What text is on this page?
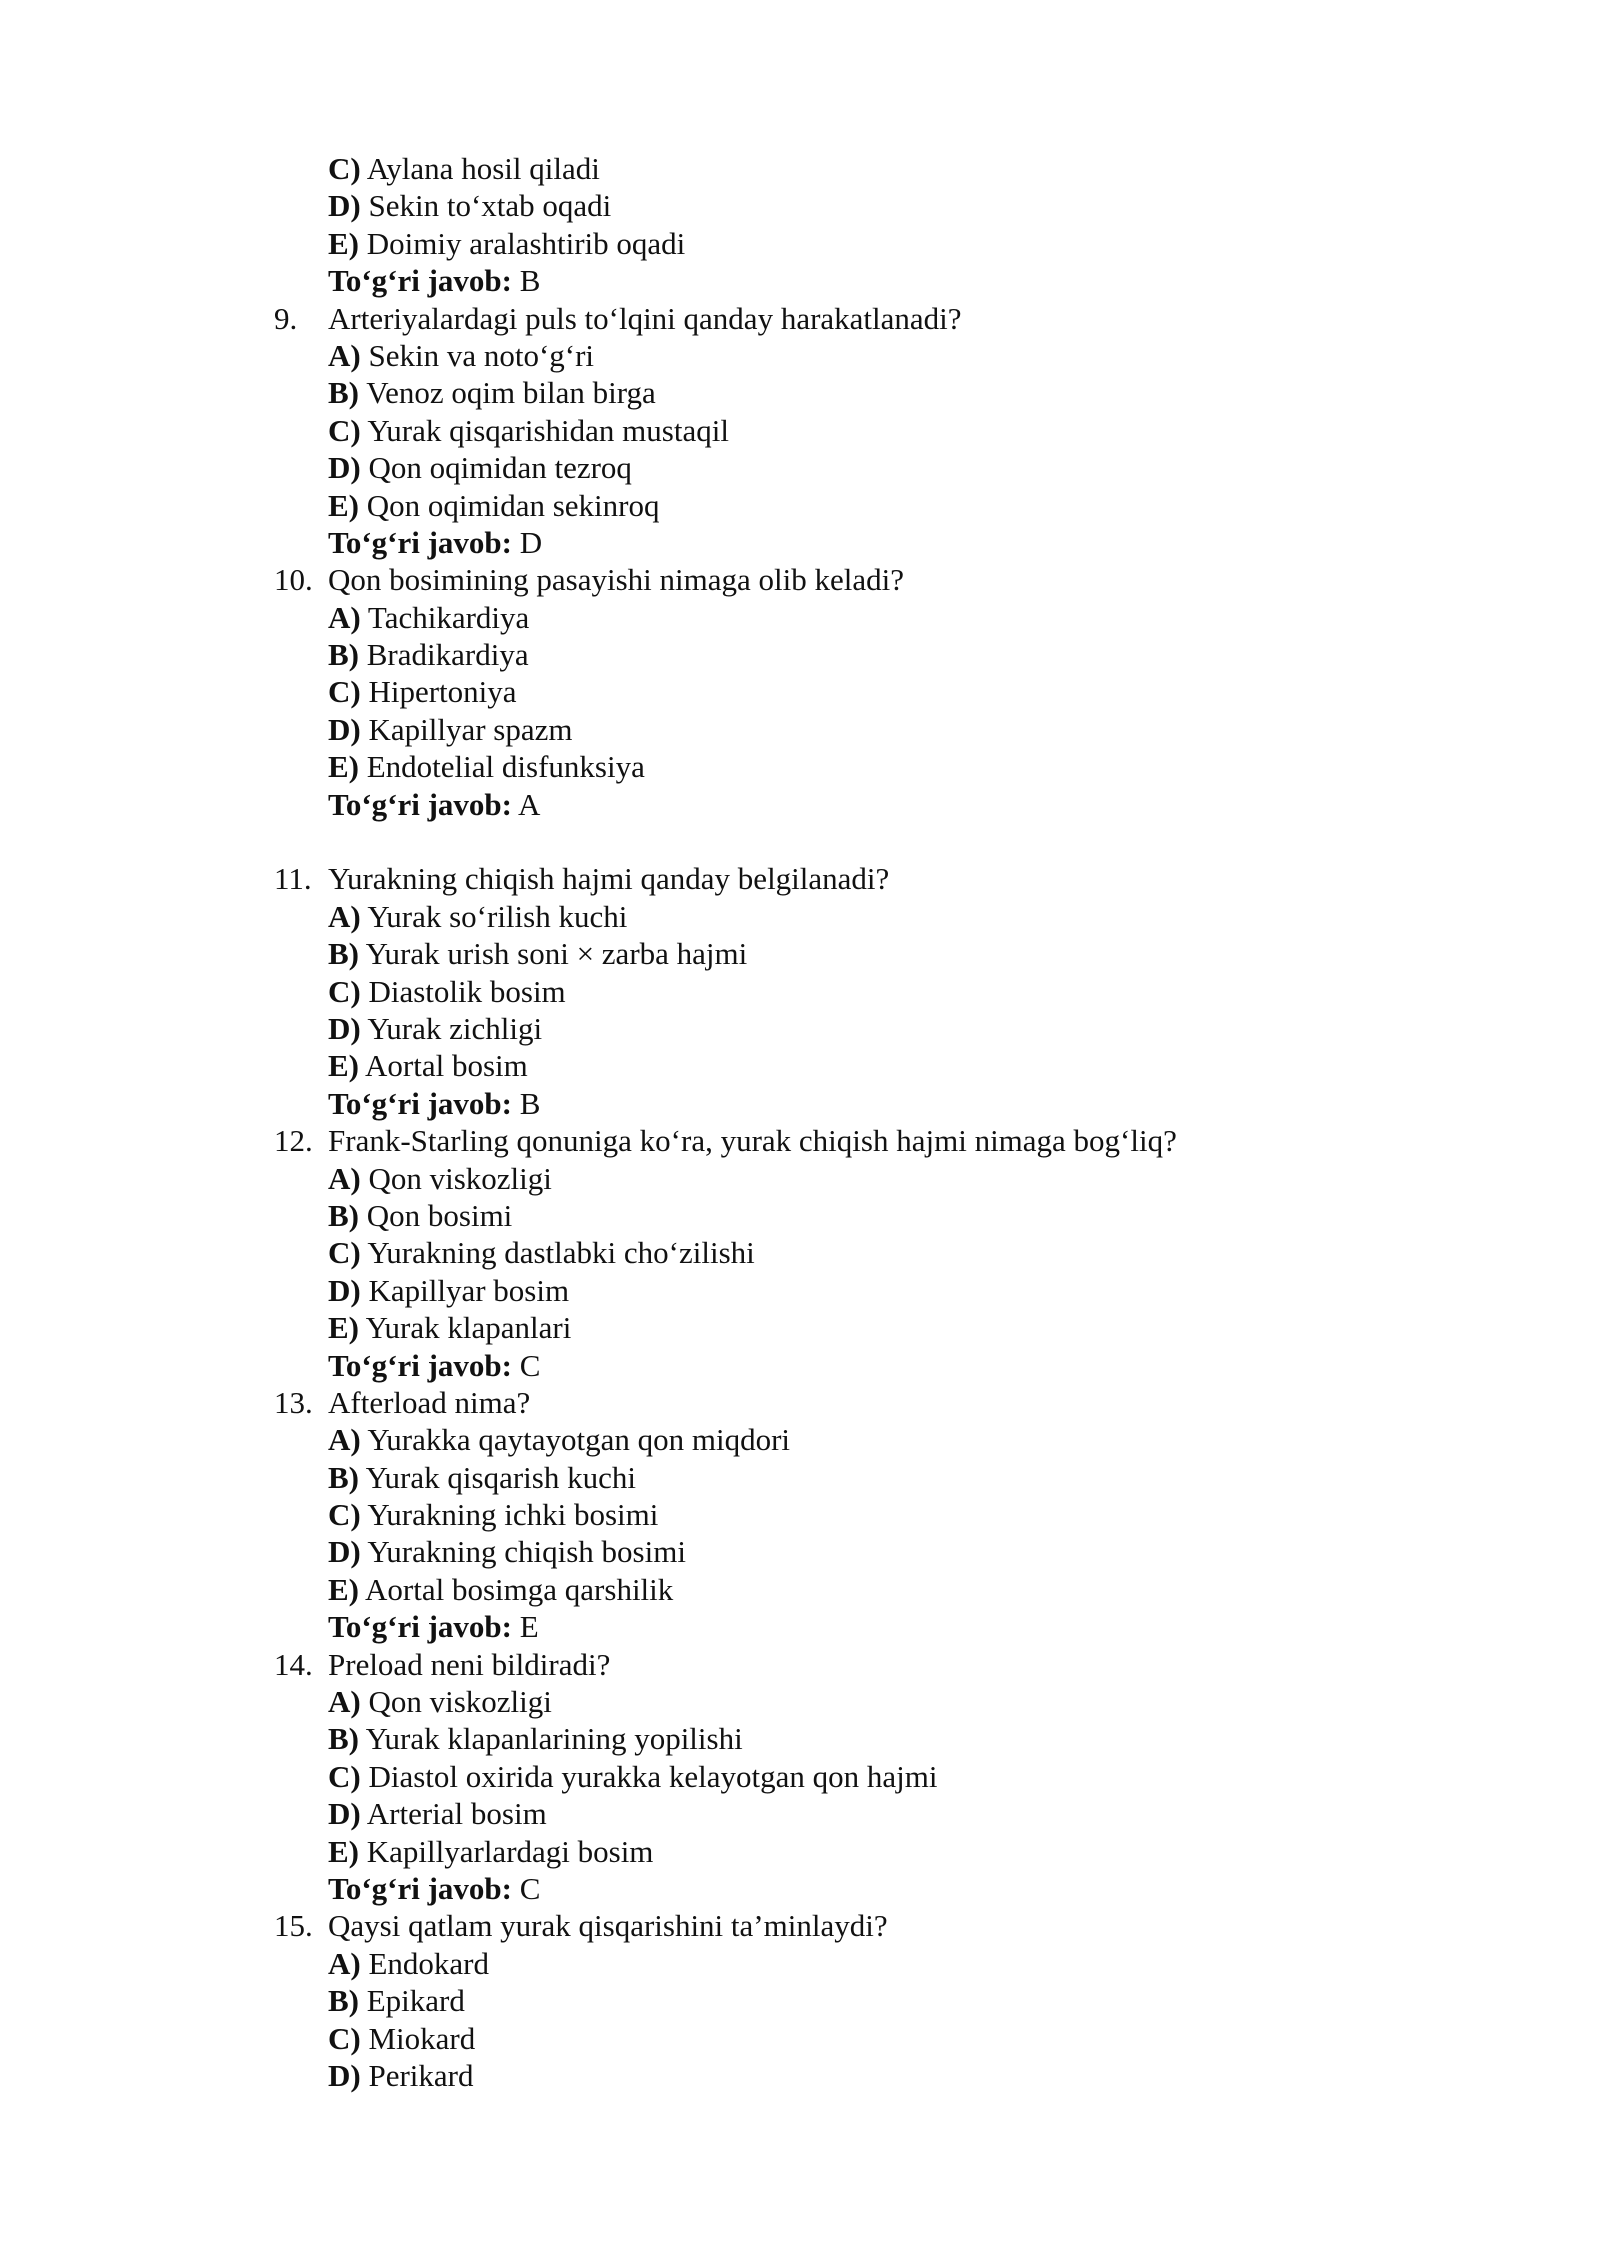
C) Aylana hosil qiladi
D) Sekin to‘xtab oqadi
E) Doimiy aralashtirib oqadi
To‘g‘ri javob: B
9. Arteriyalardagi puls to‘lqini qanday harakatlanadi?
A) Sekin va noto‘g‘ri
B) Venoz oqim bilan birga
C) Yurak qisqarishidan mustaqil
D) Qon oqimidan tezroq
E) Qon oqimidan sekinroq
To‘g‘ri javob: D
10. Qon bosimining pasayishi nimaga olib keladi?
A) Tachikardiya
B) Bradikardiya
C) Hipertoniya
D) Kapillyar spazm
E) Endotelial disfunksiya
To‘g‘ri javob: A
11. Yurakning chiqish hajmi qanday belgilanadi?
A) Yurak so‘rilish kuchi
B) Yurak urish soni × zarba hajmi
C) Diastolik bosim
D) Yurak zichligi
E) Aortal bosim
To‘g‘ri javob: B
12. Frank-Starling qonuniga ko‘ra, yurak chiqish hajmi nimaga bog‘liq?
A) Qon viskozligi
B) Qon bosimi
C) Yurakning dastlabki cho‘zilishi
D) Kapillyar bosim
E) Yurak klapanlari
To‘g‘ri javob: C
13. Afterload nima?
A) Yurakka qaytayotgan qon miqdori
B) Yurak qisqarish kuchi
C) Yurakning ichki bosimi
D) Yurakning chiqish bosimi
E) Aortal bosimga qarshilik
To‘g‘ri javob: E
14. Preload neni bildiradi?
A) Qon viskozligi
B) Yurak klapanlarining yopilishi
C) Diastol oxirida yurakka kelayotgan qon hajmi
D) Arterial bosim
E) Kapillyarlardagi bosim
To‘g‘ri javob: C
15. Qaysi qatlam yurak qisqarishini ta’minlaydi?
A) Endokard
B) Epikard
C) Miokard
D) Perikard
